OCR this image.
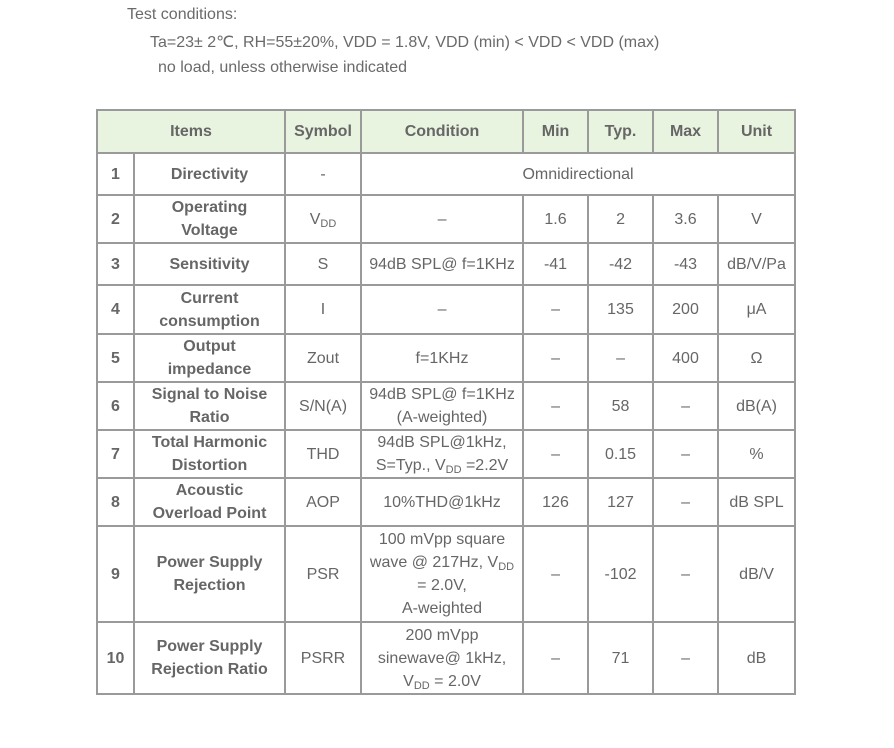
Test conditions:
Ta=23± 2℃, RH=55±20%, VDD = 1.8V, VDD (min) < VDD < VDD (max)
no load, unless otherwise indicated
Items		Symbol	Condition	Min	Typ.	Max	Unit
1	Directivity	-	Omnidirectional				
2	Operating
Voltage	$V_{DD}$	–	1.6	2	3.6	V
3	Sensitivity	S	94dB SPL@ f=1KHz	-41	-42	-43	dB/V/Pa
4	Current
consumption	I	–	–	135	200	μA
5	Output
impedance	Zout	f=1KHz	–	–	400	Ω
6	Signal to Noise
Ratio	S/N(A)	94dB SPL@ f=1KHz
(A-weighted)	–	58	–	dB(A)
7	Total Harmonic
Distortion	THD	94dB SPL@1kHz,
S=Typ., $V_{DD} =2.2V$	–	0.15	–	%
8	Acoustic
Overload Point	AOP	10%THD@1kHz	126	127	–	dB SPL
9	Power Supply
Rejection	PSR	100 mVpp square
wave @ 217Hz, $V_{DD}$
= 2.0V,
A-weighted	–	-102	–	dB/V
10	Power Supply
Rejection Ratio	PSRR	200 mVpp
sinewave@ 1kHz,
$V_{DD} = 2.0V$	–	71	–	dB
